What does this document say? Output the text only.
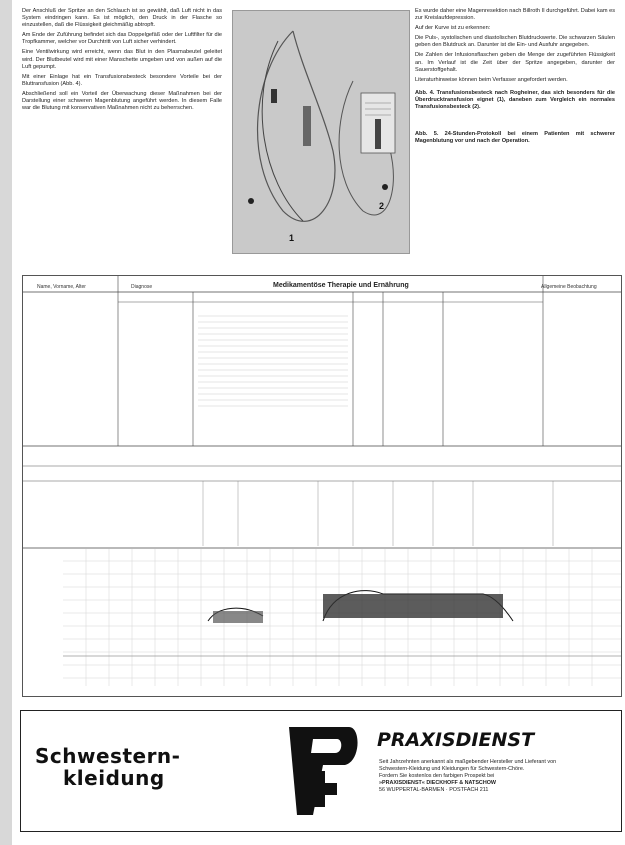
Der Anschluß der Spritze an den Schlauch ist so gewählt, daß Luft nicht in das System eindringen kann. Es ist möglich, den Druck in der Flasche so einzustellen, daß die Flüssigkeit gleichmäßig abtropft.

Am Ende der Zuführung befindet sich das Doppelgefäß oder der Luftfilter für die Tropfkammer, welcher vor Durchtritt von Luft sicher verhindert.

Eine Ventilwirkung wird erreicht, wenn das Blut in den Plasmabeutel geleitet wird. Der Blutbeutel wird mit einer Manschette umgeben und von außen auf die Luft gepumpt.

Mit einer Einlage hat ein Transfusionsbesteck besondere Vorteile bei der Bluttransfusion (Abb. 4).

Abschließend soll ein Vorteil der Überwachung dieser Maßnahmen bei der Darstellung einer schweren Magenblutung angeführt werden. In diesem Falle war die Blutung mit konservativen Maßnahmen nicht zu beherrschen.

1
2

Es wurde daher eine Magenresektion nach Billroth II durchgeführt. Dabei kam es zur Kreislaufdepression.

Auf der Kurve ist zu erkennen:

Die Puls-, systolischen und diastolischen Blutdruckwerte. Die schwarzen Säulen geben den Blutdruck an. Darunter ist die Ein- und Ausfuhr angegeben.

Die Zahlen der Infusionsflaschen geben die Menge der zugeführten Flüssigkeit an. Im Verlauf ist die Zeit über der Spritze angegeben, darunter der Sauerstoffgehalt.

Literaturhinweise können beim Verfasser angefordert werden.

Abb. 4. Transfusionsbesteck nach Rogheiner, das sich besonders für die Überdrucktransfusion eignet (1), daneben zum Vergleich ein normales Transfusionsbesteck (2).
Abb. 5. 24-Stunden-Protokoll bei einem Patienten mit schwerer Magenblutung vor und nach der Operation.
Medikamentöse Therapie und Ernährung
Name, Vorname, Alter	Diagnose	Allgemeine Beobachtung
Schwestern-
kleidung
PRAXISDIENST
Seit Jahrzehnten anerkannt als maßgebender Hersteller und Lieferant von
Schwestern-Kleidung und Kleidungen für Schwestern-Chöre.
Fordern Sie kostenlos den farbigen Prospekt bei
»PRAXISDIENST« DIECKHOFF & NATSCHOW
56 WUPPERTAL-BARMEN · POSTFACH 211
